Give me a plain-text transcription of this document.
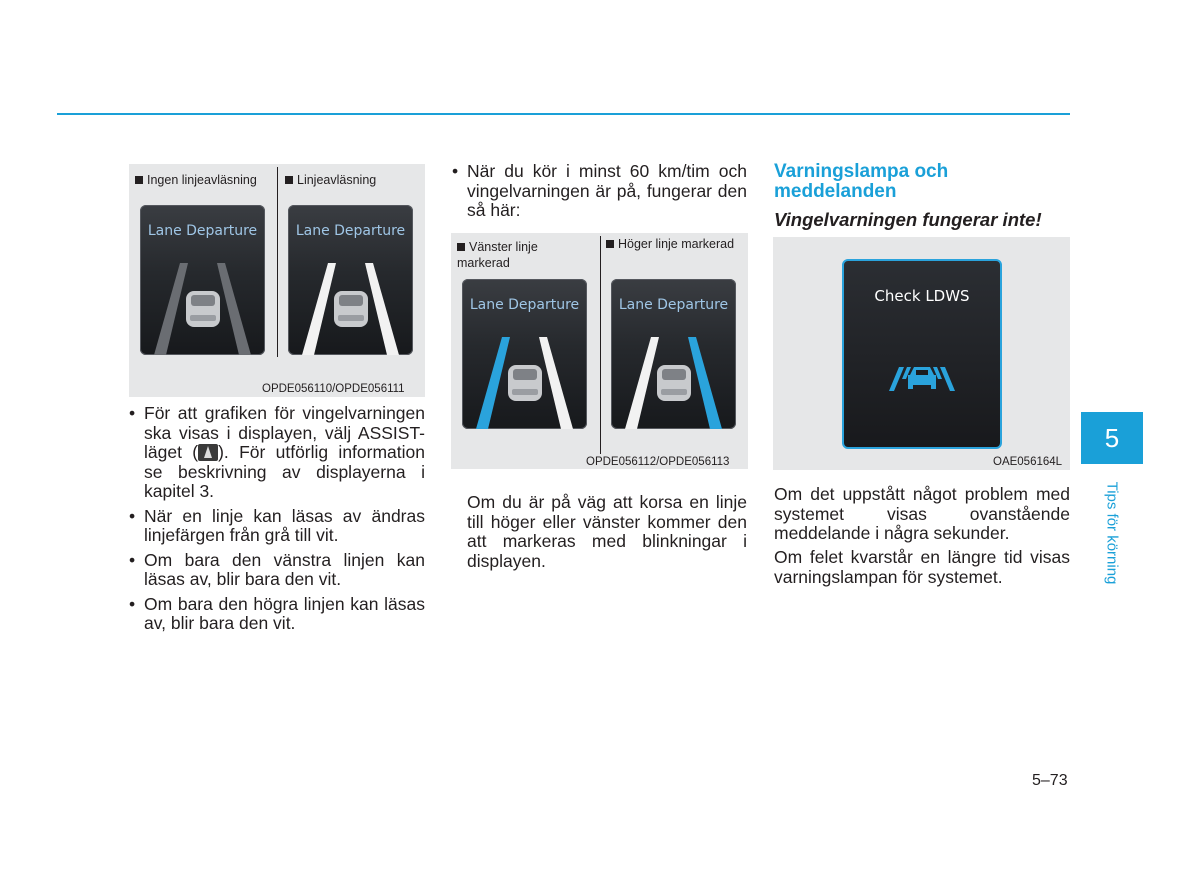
Ingen linjeavläsning	Linjeavläsning
Lane Departure	Lane Departure
OPDE056110/OPDE056111
• För att grafiken för vingelvarningen ska visas i displayen, välj ASSIST-läget ( ). För utförlig information se beskrivning av displayerna i kapitel 3.
• När en linje kan läsas av ändras linjefärgen från grå till vit.
• Om bara den vänstra linjen kan läsas av, blir bara den vit.
• Om bara den högra linjen kan läsas av, blir bara den vit.
• När du kör i minst 60 km/tim och vingelvarningen är på, fungerar den så här:
Vänster linje markerad
Höger linje markerad
Lane Departure	Lane Departure
OPDE056112/OPDE056113

Om du är på väg att korsa en linje till höger eller vänster kommer den att markeras med blinkningar i displayen.

Varningslampa och meddelanden
Vingelvarningen fungerar inte!
Check LDWS
OAE056164L

Om det uppstått något problem med systemet visas ovanstående meddelande i några sekunder.

Om felet kvarstår en längre tid visas varningslampan för systemet.

5
Tips för körning
5–73
